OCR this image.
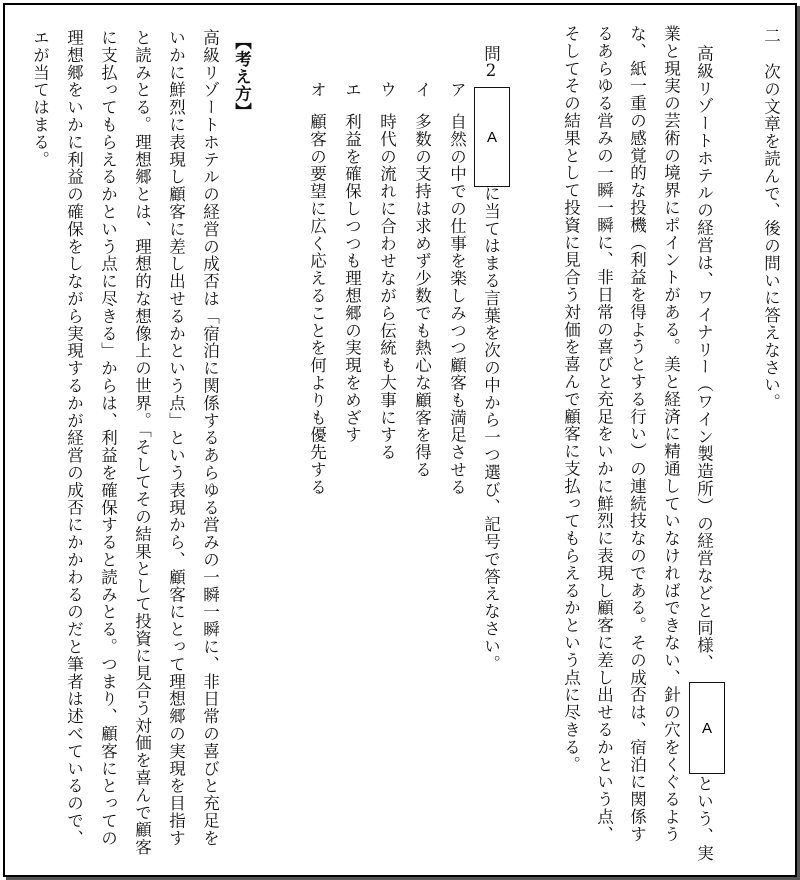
二
次の文章を読んで、後の問いに答えなさい。
高級リゾートホテルの経営は、ワイナリー（ワイン製造所）の経営などと同様、
A
という、実
業と現実の芸術の境界にポイントがある。美と経済に精通していなければできない、針の穴をくぐるよう
な、紙一重の感覚的な投機（利益を得ようとする行い）の連続技なのである。その成否は、宿泊に関係す
るあらゆる営みの一瞬一瞬に、非日常の喜びと充足をいかに鮮烈に表現し顧客に差し出せるかという点、
そしてその結果として投資に見合う対価を喜んで顧客に支払ってもらえるかという点に尽きる。
問2
A
に当てはまる言葉を次の中から一つ選び、記号で答えなさい。
ア
自然の中での仕事を楽しみつつ顧客も満足させる
イ
多数の支持は求めず少数でも熱心な顧客を得る
ウ
時代の流れに合わせながら伝統も大事にする
エ
利益を確保しつつも理想郷の実現をめざす
オ
顧客の要望に広く応えることを何よりも優先する
【考え方】
高級リゾートホテルの経営の成否は「宿泊に関係するあらゆる営みの一瞬一瞬に、非日常の喜びと充足を
いかに鮮烈に表現し顧客に差し出せるかという点」という表現から、顧客にとって理想郷の実現を目指す
と読みとる。理想郷とは、理想的な想像上の世界。「そしてその結果として投資に見合う対価を喜んで顧客
に支払ってもらえるかという点に尽きる」からは、利益を確保すると読みとる。つまり、顧客にとっての
理想郷をいかに利益の確保をしながら実現するかが経営の成否にかかわるのだと筆者は述べているので、
エが当てはまる。
